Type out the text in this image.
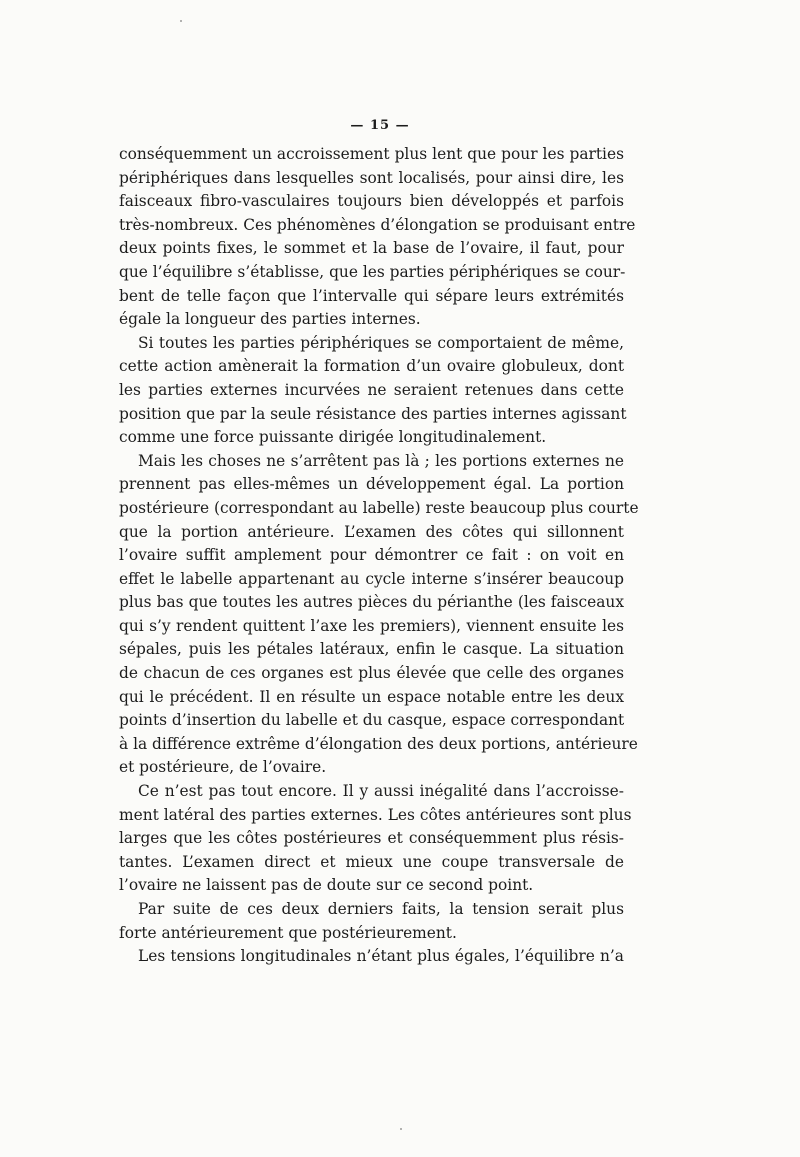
— 15 —
conséquemment un accroissement plus lent que pour les parties
périphériques dans lesquelles sont localisés, pour ainsi dire, les
faisceaux fibro-vasculaires toujours bien développés et parfois
très-nombreux. Ces phénomènes d’élongation se produisant entre
deux points fixes, le sommet et la base de l’ovaire, il faut, pour
que l’équilibre s’établisse, que les parties périphériques se cour-
bent de telle façon que l’intervalle qui sépare leurs extrémités
égale la longueur des parties internes.
Si toutes les parties périphériques se comportaient de même,
cette action amènerait la formation d’un ovaire globuleux, dont
les parties externes incurvées ne seraient retenues dans cette
position que par la seule résistance des parties internes agissant
comme une force puissante dirigée longitudinalement.
Mais les choses ne s’arrêtent pas là ; les portions externes ne
prennent pas elles-mêmes un développement égal. La portion
postérieure (correspondant au labelle) reste beaucoup plus courte
que la portion antérieure. L’examen des côtes qui sillonnent
l’ovaire suffit amplement pour démontrer ce fait : on voit en
effet le labelle appartenant au cycle interne s’insérer beaucoup
plus bas que toutes les autres pièces du périanthe (les faisceaux
qui s’y rendent quittent l’axe les premiers), viennent ensuite les
sépales, puis les pétales latéraux, enfin le casque. La situation
de chacun de ces organes est plus élevée que celle des organes
qui le précédent. Il en résulte un espace notable entre les deux
points d’insertion du labelle et du casque, espace correspondant
à la différence extrême d’élongation des deux portions, antérieure
et postérieure, de l’ovaire.
Ce n’est pas tout encore. Il y aussi inégalité dans l’accroisse-
ment latéral des parties externes. Les côtes antérieures sont plus
larges que les côtes postérieures et conséquemment plus résis-
tantes. L’examen direct et mieux une coupe transversale de
l’ovaire ne laissent pas de doute sur ce second point.
Par suite de ces deux derniers faits, la tension serait plus
forte antérieurement que postérieurement.
Les tensions longitudinales n’étant plus égales, l’équilibre n’a
